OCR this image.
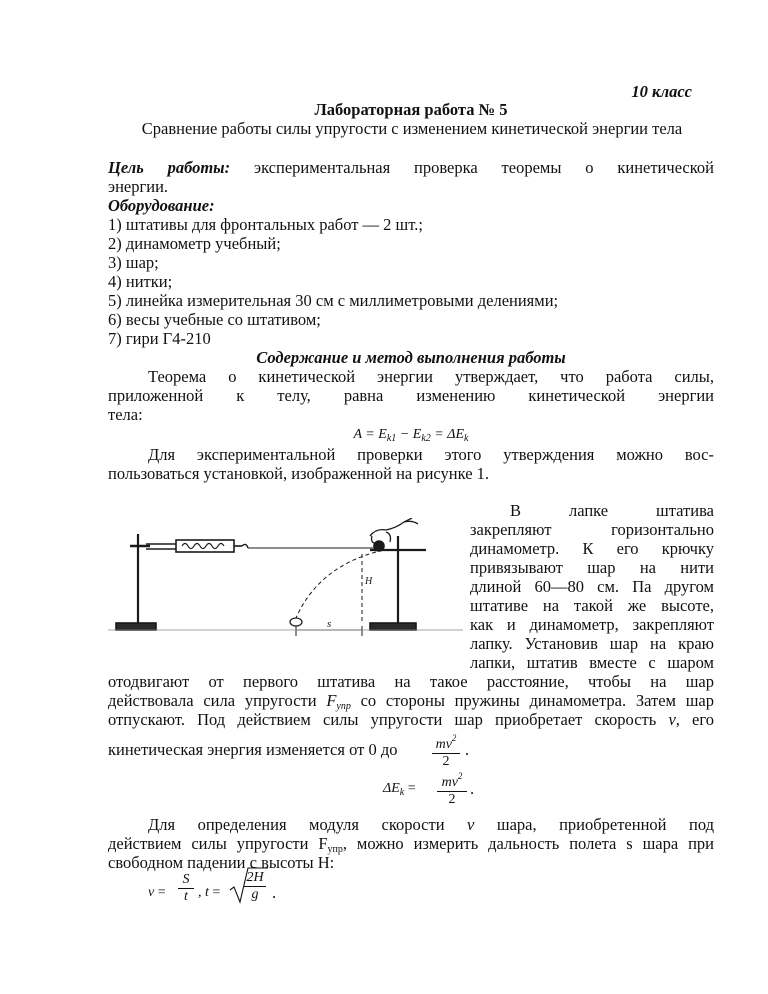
10 класс
Лабораторная работа № 5
Сравнение работы силы упругости с изменением кинетической энергии тела
Цель работы: экспериментальная проверка теоремы о кинетической
энергии.
Оборудование:
1) штативы для фронтальных работ — 2 шт.;
2) динамометр учебный;
3) шар;
4) нитки;
5) линейка измерительная 30 см с миллиметровыми делениями;
6) весы учебные со штативом;
7) гири Г4-210
Содержание и метод выполнения работы
Теорема о кинетической энергии утверждает, что работа силы,
приложенной к телу, равна изменению кинетической энергии
тела:
$A = E_{k1} - E_{k2} = \Delta E_k$
Для экспериментальной проверки этого утверждения можно вос-
пользоваться установкой, изображенной на рисунке 1.
H
s
В лапке штатива
закрепляют горизонтально
динамометр. К его крючку
привязывают шар на нити
длиной 60—80 см. Па другом
штативе на такой же высоте,
как и динамометр, закрепляют
лапку. Установив шар на краю
лапки, штатив вместе с шаром
отодвигают от первого штатива на такое расстояние, чтобы на шар
действовала сила упругости $F_{упр}$ со стороны пружины динамометра. Затем шар
отпускают. Под действием силы упругости шар приобретает скорость v, его
кинетическая энергия изменяется от 0 до	$mv^2$
2
.
$\Delta E_k$ =	$mv^2$
2
.
Для определения модуля скорости v шара, приобретенной под
действием силы упругости $F_{упр}$, можно измерить дальность полета s шара при
свободном падении с высоты H:
v =
S
t , t =
2H
g .
